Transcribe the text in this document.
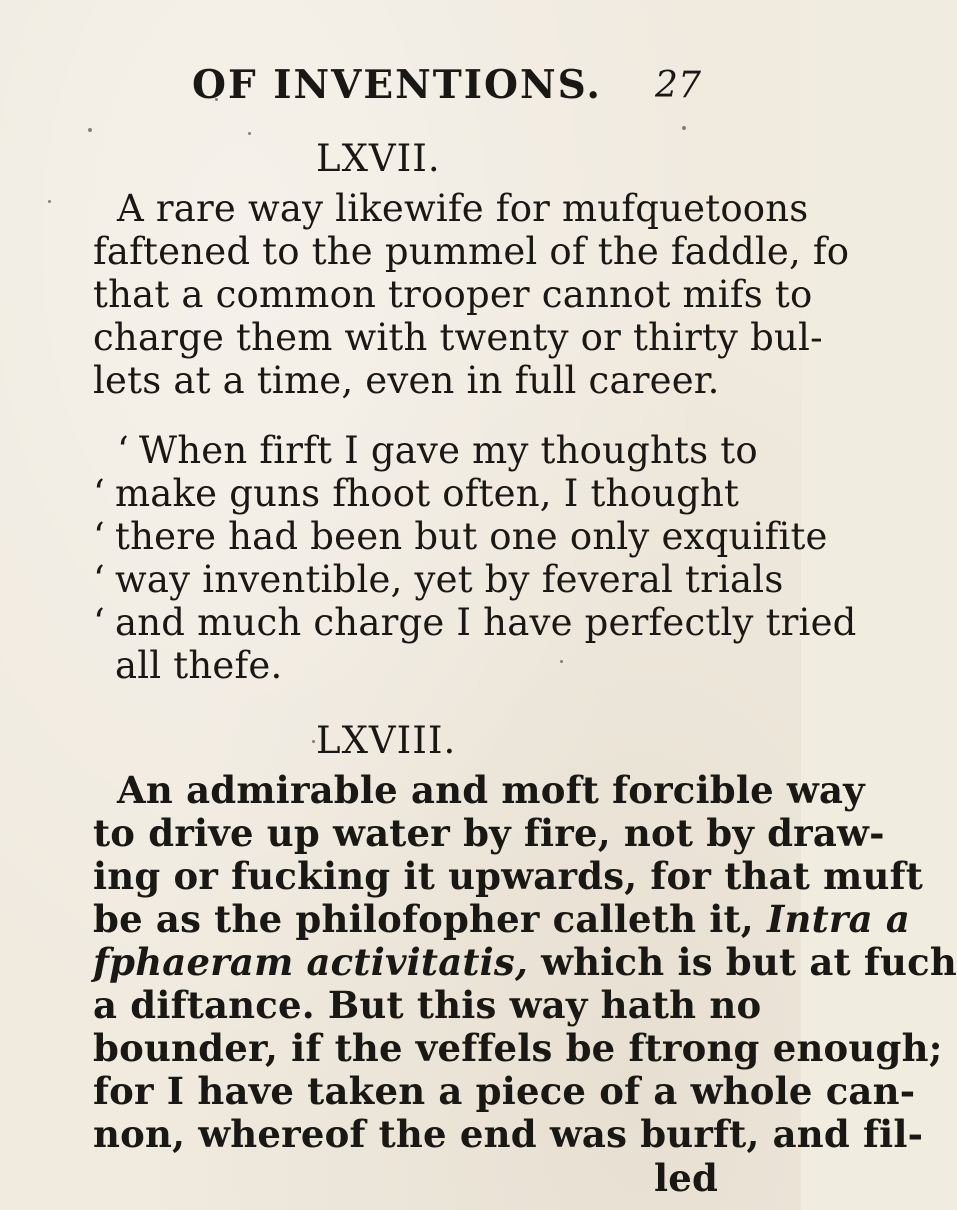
OF INVENTIONS. 27
LXVII.
A rare way likewife for mufquetoons
faftened to the pummel of the faddle, fo
that a common trooper cannot mifs to
charge them with twenty or thirty bul-
lets at a time, even in full career.
‘ When firft I gave my thoughts to
‘ make guns fhoot often, I thought
‘ there had been but one only exquifite
‘ way inventible, yet by feveral trials
‘ and much charge I have perfectly tried
all thefe.
LXVIII.
An admirable and moft forcible way
to drive up water by fire, not by draw-
ing or fucking it upwards, for that muft
be as the philofopher calleth it, Intra a
fphaeram activitatis, which is but at fuch
a diftance. But this way hath no
bounder, if the veffels be ftrong enough;
for I have taken a piece of a whole can-
non, whereof the end was burft, and fil-
led
